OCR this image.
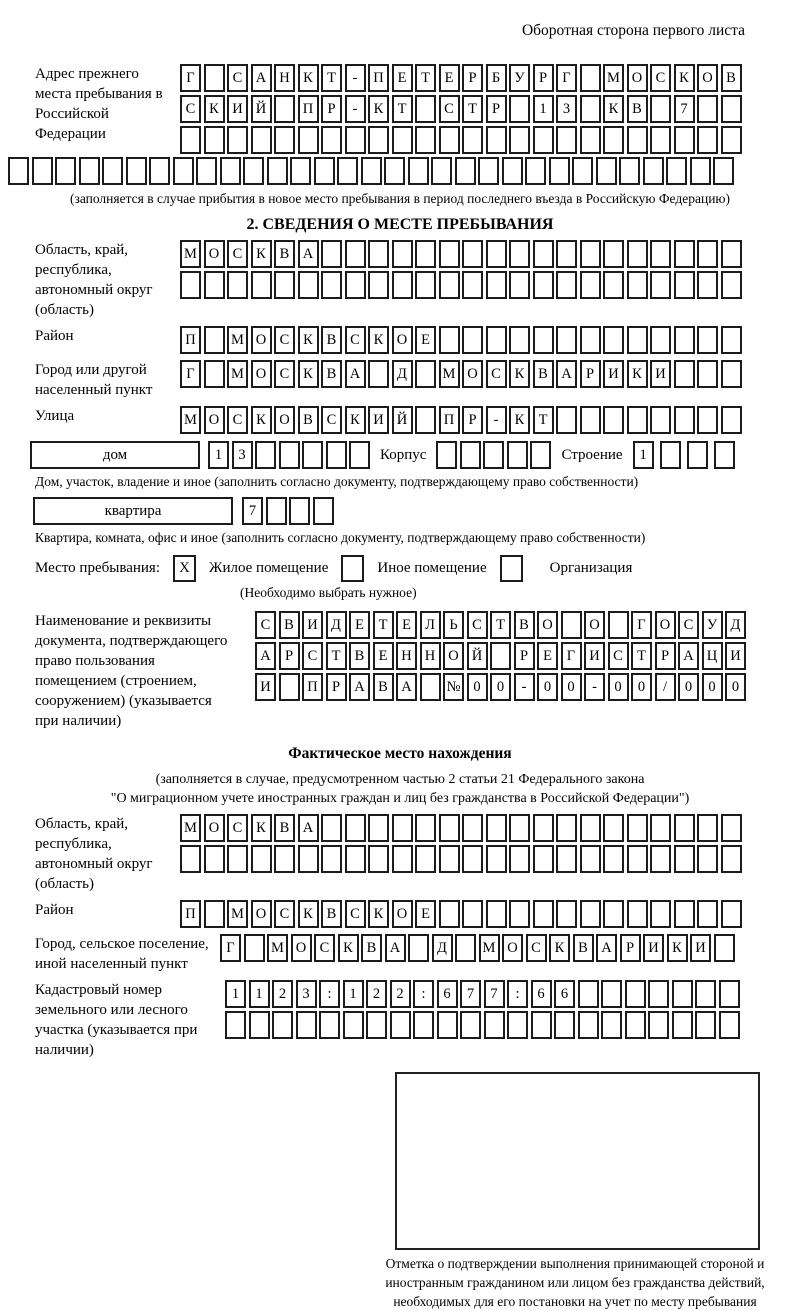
Оборотная сторона первого листа
Адрес прежнего места пребывания в Российской Федерации
Г	С А Н К Т	-	П Е	Т	Е	Р	Б У Р	Г	М О С К О В
С К И Й	П Р	-	К Т	С Т	Р	1	3	К В	7
(заполняется в случае прибытия в новое место пребывания в период последнего въезда в Российскую Федерацию)
2. СВЕДЕНИЯ О МЕСТЕ ПРЕБЫВАНИЯ
Область, край, республика, автономный округ (область)
М О С К В А
Район	П	М О С К В С К О Е
Город или другой населенный пункт
Г	М О С К В А	Д	М О С К В А Р И К И
Улица	М О С К О В С К И Й	П Р	-	К Т
дом	1	3	Корпус	Строение	1
Дом, участок, владение и иное (заполнить согласно документу, подтверждающему право собственности)
квартира	7
Квартира, комната, офис и иное (заполнить согласно документу, подтверждающему право собственности)
Место пребывания:	X	Жилое помещение	Иное помещение	Организация
(Необходимо выбрать нужное)
Наименование и реквизиты документа, подтверждающего право пользования помещением (строением, сооружением) (указывается при наличии)
С В И Д Е	Т	Е Л Ь	С Т В О	О	Г О С У Д
А Р	С Т В Е Н Н О Й	Р	Е	Г И С Т	Р А Ц И
И	П Р А В А	№ 0	0	-	0	0	-	0	0	/	0	0	0
Фактическое место нахождения
(заполняется в случае, предусмотренном частью 2 статьи 21 Федерального закона
"О миграционном учете иностранных граждан и лиц без гражданства в Российской Федерации")
Область, край, республика, автономный округ (область)
М О С К В А
Район	П	М О С К В С К О Е
Город, сельское поселение, иной населенный пункт
Г	М О С К В А	Д	М О С К В А Р И К И
Кадастровый номер земельного или лесного участка (указывается при наличии)
1	1	2	3	:	1	2	2	:	6	7	7	:	6	6
Отметка о подтверждении выполнения принимающей стороной и иностранным гражданином или лицом без гражданства действий, необходимых для его постановки на учет по месту пребывания
